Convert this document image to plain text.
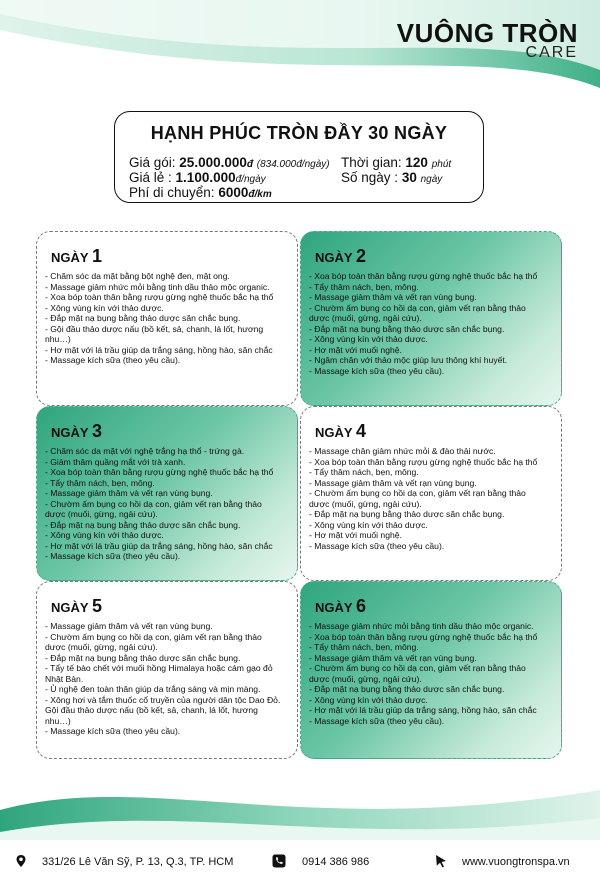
VUÔNG TRÒN
CARE
HẠNH PHÚC TRÒN ĐẦY 30 NGÀY
Giá gói: 25.000.000đ (834.000đ/ngày)
Giá lẻ : 1.100.000đ/ngày
Phí di chuyển: 6000đ/km
Thời gian: 120 phút
Số ngày : 30 ngày
NGÀY 1
- Chăm sóc da mặt bằng bột nghệ đen, mật ong.
- Massage giảm nhức mỏi bằng tinh dầu thảo mộc organic.
- Xoa bóp toàn thân bằng rượu gừng nghệ thuốc bắc hạ thổ
- Xông vùng kín với thảo dược.
- Đắp mặt nạ bụng bằng thảo dược săn chắc bụng.
- Gội đầu thảo dược nấu (bồ kết, sả, chanh, lá lốt, hương
nhu…)
- Hơ mặt với lá trầu giúp da trắng sáng, hồng hào, săn chắc
- Massage kích sữa (theo yêu cầu).
NGÀY 2
- Xoa bóp toàn thân bằng rượu gừng nghệ thuốc bắc hạ thổ
- Tẩy thâm nách, bẹn, mông.
- Massage giảm thâm và vết rạn vùng bụng.
- Chườm ấm bụng co hồi dạ con, giảm vết rạn bằng thảo
dược (muối, gừng, ngải cứu).
- Đắp mặt nạ bụng bằng thảo dược săn chắc bụng.
- Xông vùng kín với thảo dược.
- Hơ mặt với muối nghệ.
- Ngâm chân với thảo mộc giúp lưu thông khí huyết.
- Massage kích sữa (theo yêu cầu).
NGÀY 3
- Chăm sóc da mặt với nghệ trắng hạ thổ - trứng gà.
- Giảm thâm quầng mắt với trà xanh.
- Xoa bóp toàn thân bằng rượu gừng nghệ thuốc bắc hạ thổ
- Tẩy thâm nách, bẹn, mông.
- Massage giảm thâm và vết rạn vùng bụng.
- Chườm ấm bụng co hồi dạ con, giảm vết rạn bằng thảo
dược (muối, gừng, ngải cứu).
- Đắp mặt nạ bụng bằng thảo dược săn chắc bụng.
- Xông vùng kín với thảo dược.
- Hơ mặt với lá trầu giúp da trắng sáng, hồng hào, săn chắc
- Massage kích sữa (theo yêu cầu).
NGÀY 4
- Massage chân giảm nhức mỏi & đào thải nước.
- Xoa bóp toàn thân bằng rượu gừng nghệ thuốc bắc hạ thổ
- Tẩy thâm nách, bẹn, mông.
- Massage giảm thâm và vết rạn vùng bụng.
- Chườm ấm bụng co hồi dạ con, giảm vết rạn bằng thảo
dược (muối, gừng, ngải cứu).
- Đắp mặt nạ bụng bằng thảo dược săn chắc bụng.
- Xông vùng kín với thảo dược.
- Hơ mặt với muối nghệ.
- Massage kích sữa (theo yêu cầu).
NGÀY 5
- Massage giảm thâm và vết rạn vùng bụng.
- Chườm ấm bụng co hồi dạ con, giảm vết rạn bằng thảo
dược (muối, gừng, ngải cứu).
- Đắp mặt nạ bụng bằng thảo dược săn chắc bụng.
- Tẩy tế bào chết với muối hồng Himalaya hoặc cám gạo đỏ
Nhật Bản.
- Ủ nghệ đen toàn thân giúp da trắng sáng và mịn màng.
- Xông hơi và tắm thuốc cổ truyền của người dân tộc Dao Đỏ.
Gội đầu thảo dược nấu (bồ kết, sả, chanh, lá lốt, hương
nhu…)
- Massage kích sữa (theo yêu cầu).
NGÀY 6
- Massage giảm nhức mỏi bằng tinh dầu thảo mộc organic.
- Xoa bóp toàn thân bằng rượu gừng nghệ thuốc bắc hạ thổ
- Tẩy thâm nách, bẹn, mông.
- Massage giảm thâm và vết rạn vùng bụng.
- Chườm ấm bụng co hồi dạ con, giảm vết rạn bằng thảo
dược (muối, gừng, ngải cứu).
- Đắp mặt nạ bụng bằng thảo dược săn chắc bụng.
- Xông vùng kín với thảo dược.
- Hơ mặt với lá trầu giúp da trắng sáng, hồng hào, săn chắc
- Massage kích sữa (theo yêu cầu).
331/26 Lê Văn Sỹ, P. 13, Q.3, TP. HCM	0914 386 986	www.vuongtronspa.vn
